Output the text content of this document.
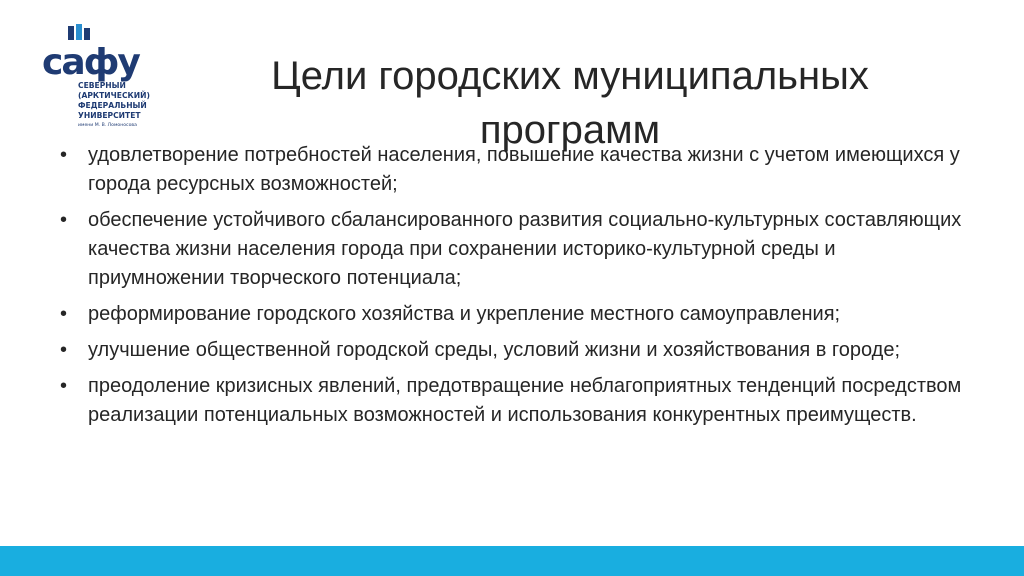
сафу
СЕВЕРНЫЙ
(АРКТИЧЕСКИЙ)
ФЕДЕРАЛЬНЫЙ
УНИВЕРСИТЕТ
имени М. В. Ломоносова
Цели городских муниципальных
программ
• удовлетворение потребностей населения, повышение качества жизни с учетом имеющихся у города ресурсных возможностей;
• обеспечение устойчивого сбалансированного развития социально-культурных составляющих качества жизни населения города при сохранении историко-культурной среды и приумножении творческого потенциала;
• реформирование городского хозяйства и укрепление местного самоуправления;
• улучшение общественной городской среды, условий жизни и хозяйствования в городе;
• преодоление кризисных явлений, предотвращение неблагоприятных тенденций посредством реализации потенциальных возможностей и использования конкурентных преимуществ.
